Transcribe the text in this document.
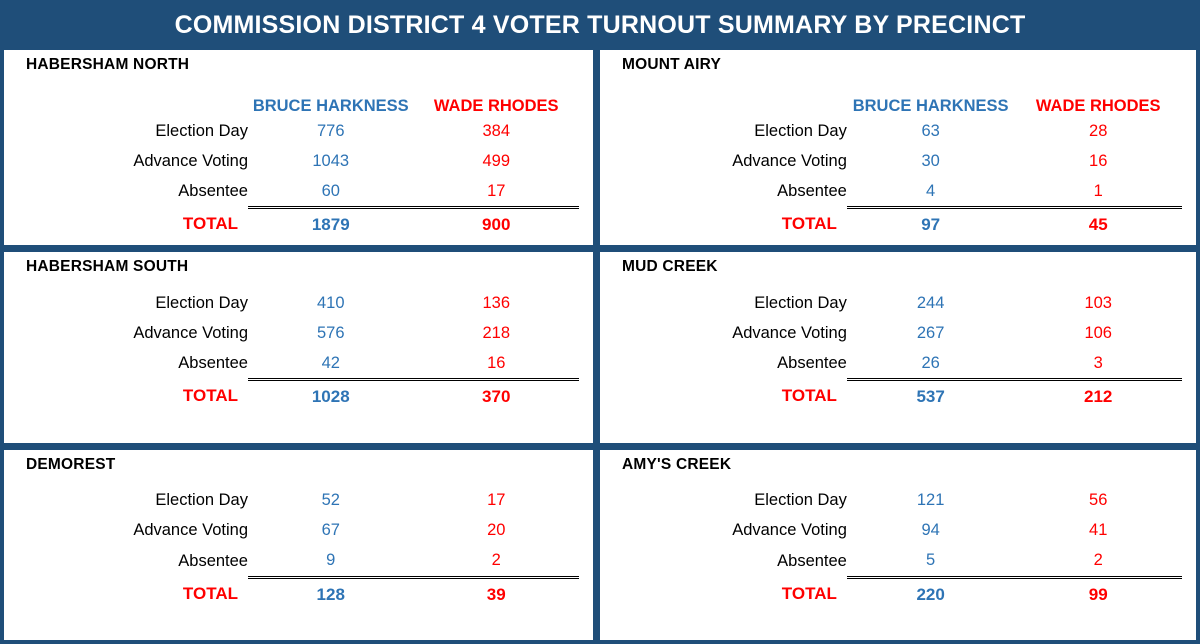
COMMISSION DISTRICT 4 VOTER TURNOUT SUMMARY BY PRECINCT
HABERSHAM NORTH
	BRUCE HARKNESS	WADE RHODES
Election Day	776	384
Advance Voting	1043	499
Absentee	60	17
TOTAL	1879	900
MOUNT AIRY
	BRUCE HARKNESS	WADE RHODES
Election Day	63	28
Advance Voting	30	16
Absentee	4	1
TOTAL	97	45
HABERSHAM SOUTH
Election Day	410	136
Advance Voting	576	218
Absentee	42	16
TOTAL	1028	370
MUD CREEK
Election Day	244	103
Advance Voting	267	106
Absentee	26	3
TOTAL	537	212
DEMOREST
Election Day	52	17
Advance Voting	67	20
Absentee	9	2
TOTAL	128	39
AMY'S CREEK
Election Day	121	56
Advance Voting	94	41
Absentee	5	2
TOTAL	220	99
